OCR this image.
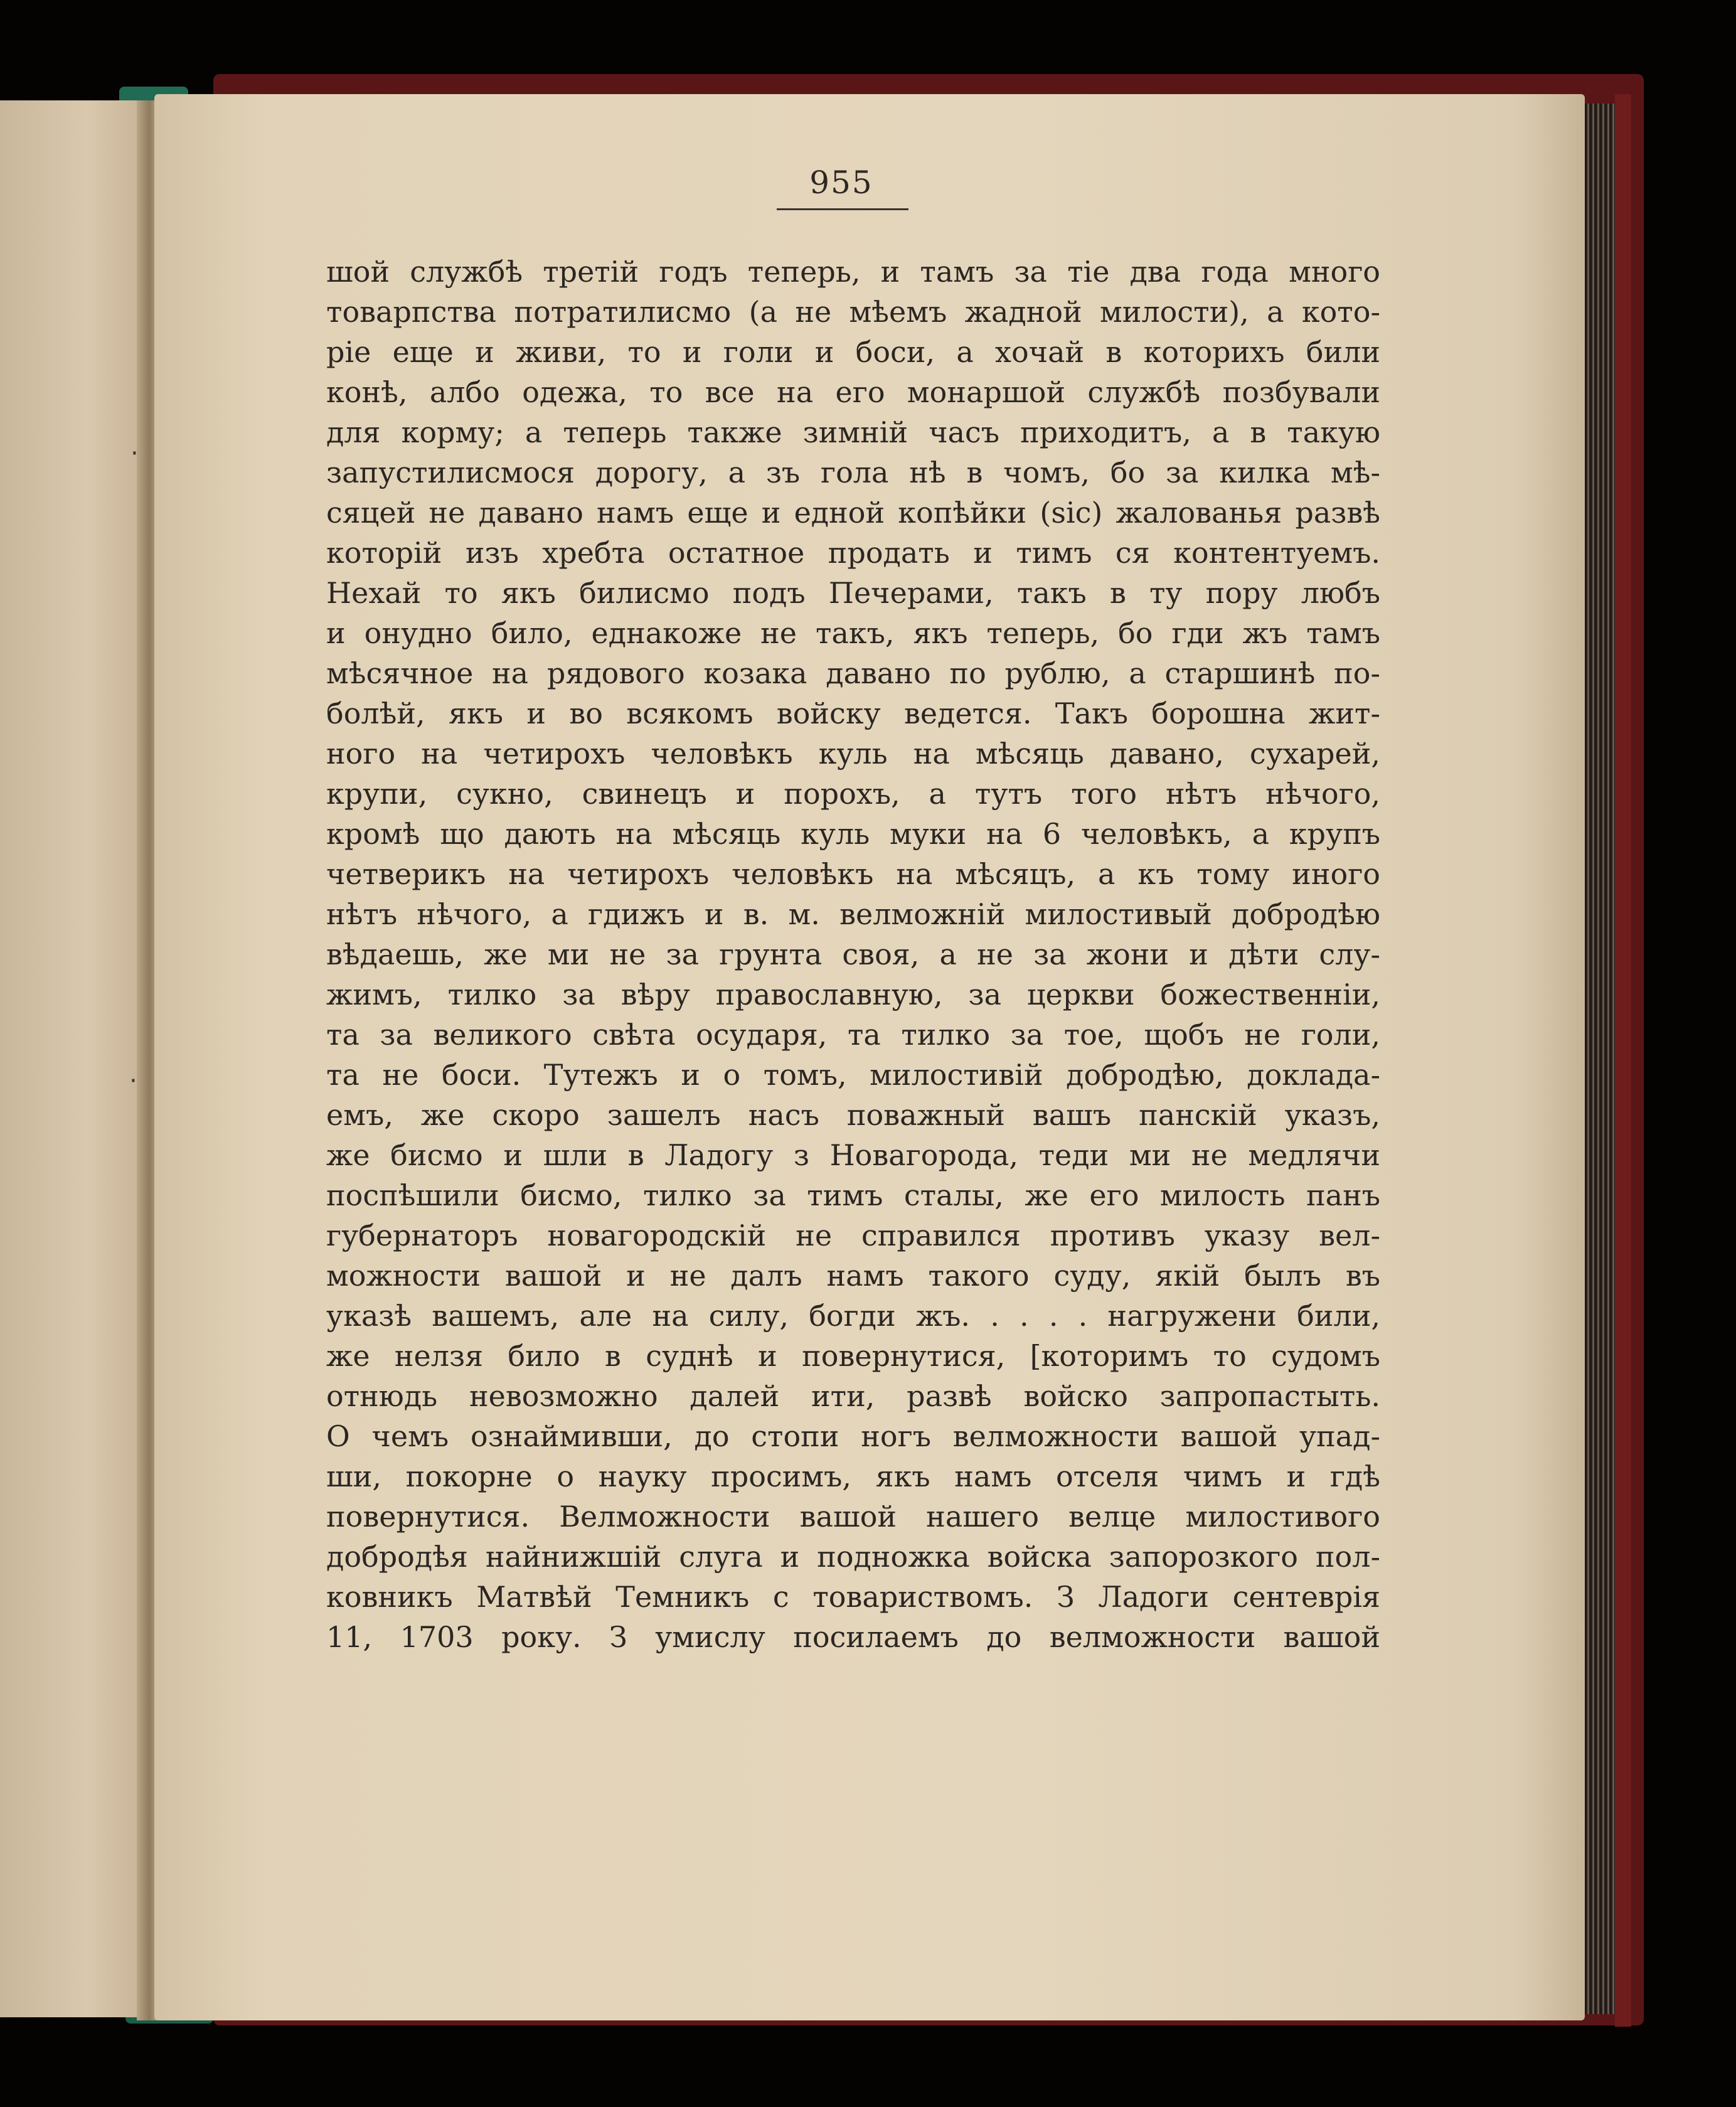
·
·
955
шой службѣ третій годъ теперь, и тамъ за тіе два года много
товарпства потратилисмо (а не мѣемъ жадной милости), а кото-
ріе еще и живи, то и голи и боси, а хочай в которихъ били
конѣ, албо одежа, то все на его монаршой службѣ позбували
для корму; а теперь также зимній часъ приходитъ, а в такую
запустилисмося дорогу, а зъ гола нѣ в чомъ, бо за килка мѣ-
сяцей не давано намъ еще и едной копѣйки (sic) жалованья развѣ
которій изъ хребта остатное продать и тимъ ся контентуемъ.
Нехай то якъ билисмо подъ Печерами, такъ в ту пору любъ
и онудно било, еднакоже не такъ, якъ теперь, бо гди жъ тамъ
мѣсячное на рядового козака давано по рублю, а старшинѣ по-
болѣй, якъ и во всякомъ войску ведется. Такъ борошна жит-
ного на четирохъ человѣкъ куль на мѣсяць давано, сухарей,
крупи, сукно, свинецъ и порохъ, а тутъ того нѣтъ нѣчого,
кромѣ що дають на мѣсяць куль муки на 6 человѣкъ, а крупъ
четверикъ на четирохъ человѣкъ на мѣсяцъ, а къ тому иного
нѣтъ нѣчого, а гдижъ и в. м. велможній милостивый добродѣю
вѣдаешь, же ми не за грунта своя, а не за жони и дѣти слу-
жимъ, тилко за вѣру православную, за церкви божественніи,
та за великого свѣта осударя, та тилко за тое, щобъ не голи,
та не боси. Тутежъ и о томъ, милостивій добродѣю, доклада-
емъ, же скоро зашелъ насъ поважный вашъ панскій указъ,
же бисмо и шли в Ладогу з Новагорода, теди ми не медлячи
поспѣшили бисмо, тилко за тимъ сталы, же его милость панъ
губернаторъ новагородскій не справился противъ указу вел-
можности вашой и не далъ намъ такого суду, якій былъ въ
указѣ вашемъ, але на силу, богди жъ. . . . . нагружени били,
же нелзя било в суднѣ и повернутися, [которимъ то судомъ
отнюдь невозможно далей ити, развѣ войско запропастыть.
О чемъ ознаймивши, до стопи ногъ велможности вашой упад-
ши, покорне о науку просимъ, якъ намъ отселя чимъ и гдѣ
повернутися. Велможности вашой нашего велце милостивого
добродѣя найнижшій слуга и подножка войска запорозкого пол-
ковникъ Матвѣй Темникъ с товариствомъ. З Ладоги сентеврія
11, 1703 року. З умислу посилаемъ до велможности вашой
